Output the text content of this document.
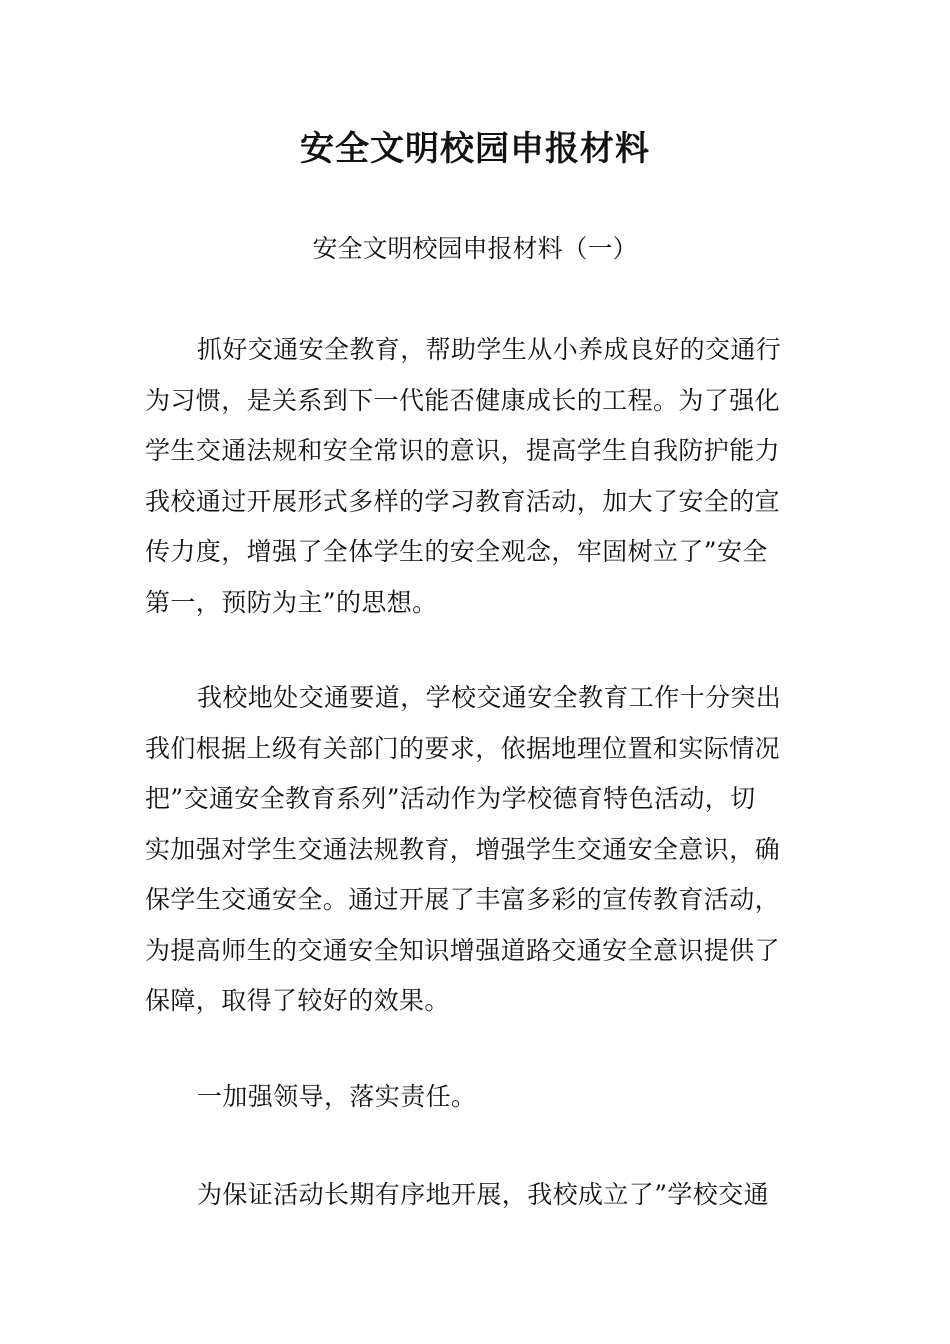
安全文明校园申报材料
安全文明校园申报材料（一）

抓好交通安全教育，帮助学生从小养成良好的交通行
为习惯，是关系到下一代能否健康成长的工程。为了强化
学生交通法规和安全常识的意识，提高学生自我防护能力
我校通过开展形式多样的学习教育活动，加大了安全的宣
传力度，增强了全体学生的安全观念，牢固树立了”安全
第一，预防为主”的思想。

我校地处交通要道，学校交通安全教育工作十分突出
我们根据上级有关部门的要求，依据地理位置和实际情况
把”交通安全教育系列”活动作为学校德育特色活动，切
实加强对学生交通法规教育，增强学生交通安全意识，确
保学生交通安全。通过开展了丰富多彩的宣传教育活动，
为提高师生的交通安全知识增强道路交通安全意识提供了
保障，取得了较好的效果。

一加强领导，落实责任。

为保证活动长期有序地开展，我校成立了”学校交通
